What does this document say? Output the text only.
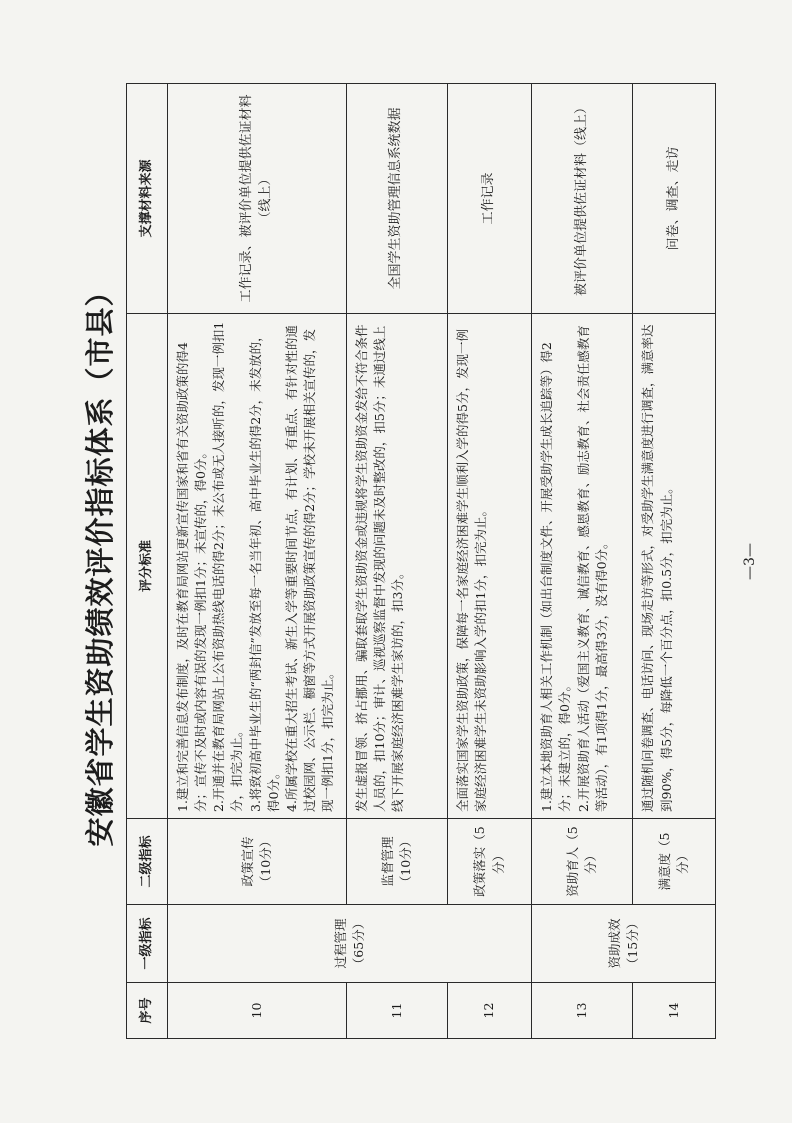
安徽省学生资助绩效评价指标体系（市县）
序号	一级指标	二级指标	评分标准	支撑材料来源
10	过程管理（65分）	政策宣传（10分）	1.建立和完善信息发布制度，及时在教育局网站更新宣传国家和省有关资助政策的得4分；宣传不及时或内容有误的发现一例扣1分；未宣传的，得0分。 2.开通并在教育局网站上公布资助热线电话的得2分；未公布或无人接听的，发现一例扣1分，扣完为止。 3.将致初高中毕业生的“两封信”发放至每一名当年初、高中毕业生的得2分，未发放的，得0分。 4.所属学校在重大招生考试、新生入学等重要时间节点，有计划、有重点、有针对性的通过校园网、公示栏、橱窗等方式开展资助政策宣传的得2分；学校未开展相关宣传的，发现一例扣1分，扣完为止。	工作记录、被评价单位提供佐证材料（线上）
11		监督管理（10分）	发生虚报冒领、挤占挪用、骗取套取学生资助资金或违规将学生资助资金发给不符合条件人员的，扣10分；审计、巡视巡察监督中发现的问题未及时整改的，扣5分；未通过线上线下开展家庭经济困难学生家访的，扣3分。	全国学生资助管理信息系统数据
12		政策落实（5分）	全面落实国家学生资助政策，保障每一名家庭经济困难学生顺利入学的得5分，发现一例家庭经济困难学生未资助影响入学的扣1分，扣完为止。	工作记录
13	资助成效（15分）	资助育人（5分）	1.建立本地资助育人相关工作机制（如出台制度文件、开展受助学生成长追踪等）得2分；未建立的，得0分。 2.开展资助育人活动（爱国主义教育、诚信教育、感恩教育、励志教育、社会责任感教育等活动），有1项得1分，最高得3分，没有得0分。	被评价单位提供佐证材料（线上）
14		满意度（5分）	通过随机问卷调查、电话访问、现场走访等形式，对受助学生满意度进行调查，满意率达到90%，得5分，每降低一个百分点，扣0.5分，扣完为止。	问卷、调查、走访
—3—
